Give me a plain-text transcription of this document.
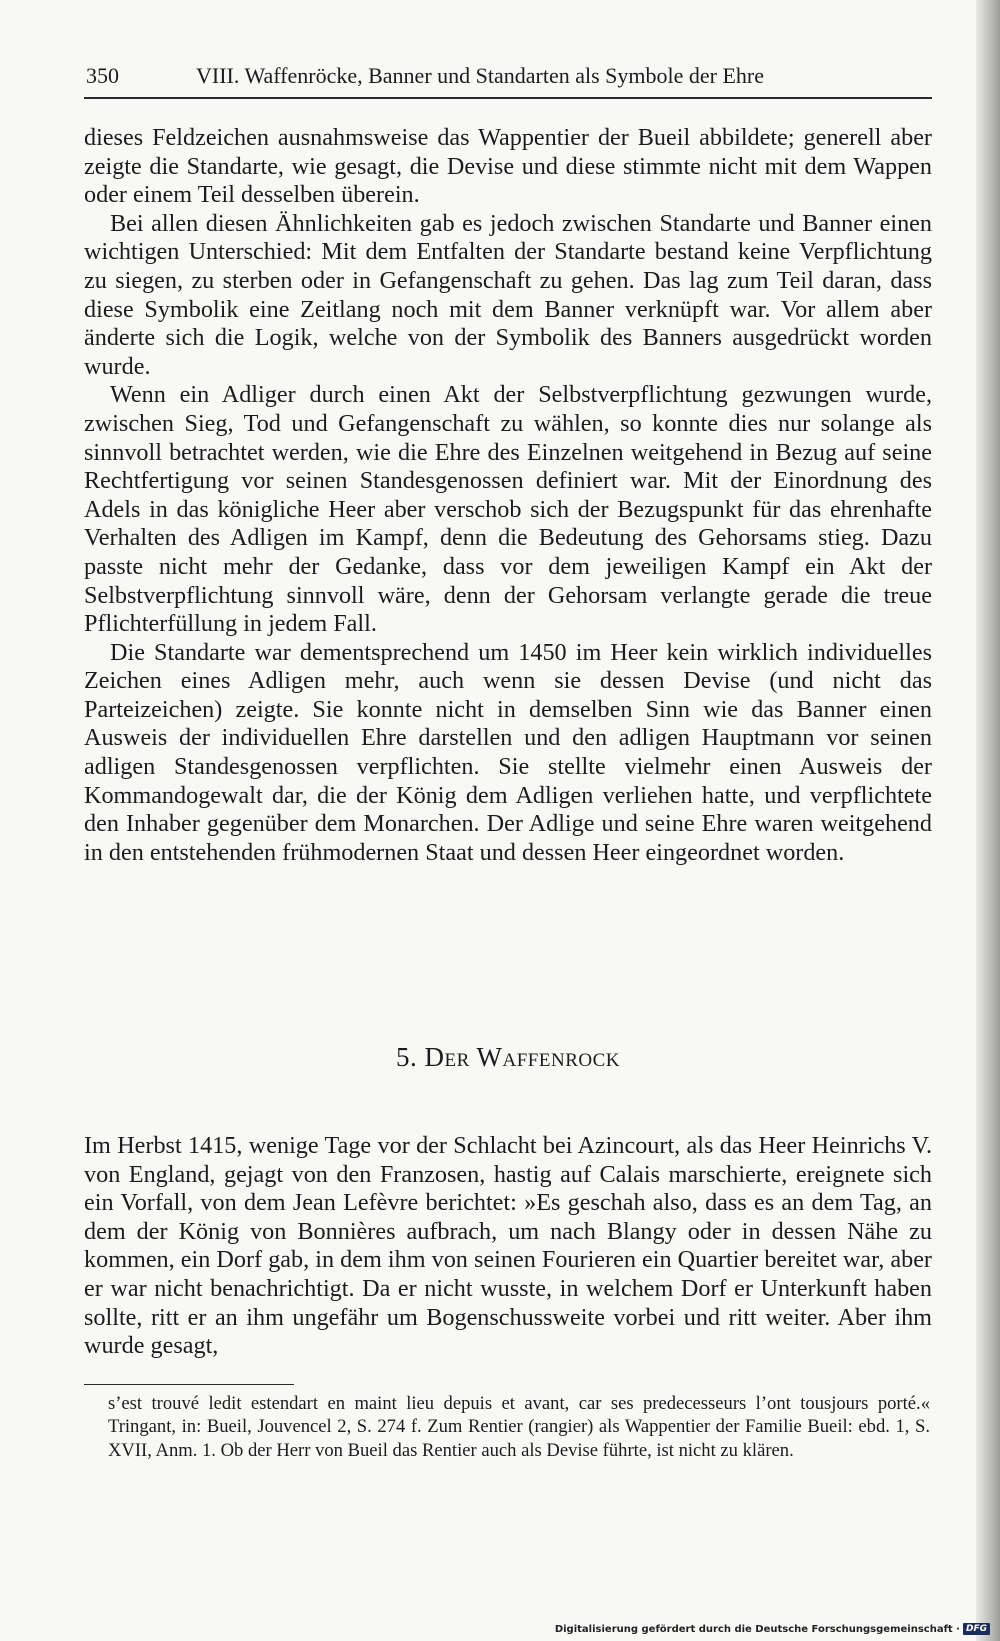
350	VIII. Waffenröcke, Banner und Standarten als Symbole der Ehre

dieses Feldzeichen ausnahmsweise das Wappentier der Bueil abbildete; generell aber zeigte die Standarte, wie gesagt, die Devise und diese stimmte nicht mit dem Wappen oder einem Teil desselben überein.

Bei allen diesen Ähnlichkeiten gab es jedoch zwischen Standarte und Banner einen wichtigen Unterschied: Mit dem Entfalten der Standarte bestand keine Verpflichtung zu siegen, zu sterben oder in Gefangenschaft zu gehen. Das lag zum Teil daran, dass diese Symbolik eine Zeitlang noch mit dem Banner verknüpft war. Vor allem aber änderte sich die Logik, welche von der Symbolik des Banners ausgedrückt worden wurde.

Wenn ein Adliger durch einen Akt der Selbstverpflichtung gezwungen wurde, zwischen Sieg, Tod und Gefangenschaft zu wählen, so konnte dies nur solange als sinnvoll betrachtet werden, wie die Ehre des Einzelnen weitgehend in Bezug auf seine Rechtfertigung vor seinen Standesgenossen definiert war. Mit der Einordnung des Adels in das königliche Heer aber verschob sich der Bezugspunkt für das ehrenhafte Verhalten des Adligen im Kampf, denn die Bedeutung des Gehorsams stieg. Dazu passte nicht mehr der Gedanke, dass vor dem jeweiligen Kampf ein Akt der Selbstverpflichtung sinnvoll wäre, denn der Gehorsam verlangte gerade die treue Pflichterfüllung in jedem Fall.

Die Standarte war dementsprechend um 1450 im Heer kein wirklich individuelles Zeichen eines Adligen mehr, auch wenn sie dessen Devise (und nicht das Parteizeichen) zeigte. Sie konnte nicht in demselben Sinn wie das Banner einen Ausweis der individuellen Ehre darstellen und den adligen Hauptmann vor seinen adligen Standesgenossen verpflichten. Sie stellte vielmehr einen Ausweis der Kommandogewalt dar, die der König dem Adligen verliehen hatte, und verpflichtete den Inhaber gegenüber dem Monarchen. Der Adlige und seine Ehre waren weitgehend in den entstehenden frühmodernen Staat und dessen Heer eingeordnet worden.

5. Der Waffenrock

Im Herbst 1415, wenige Tage vor der Schlacht bei Azincourt, als das Heer Heinrichs V. von England, gejagt von den Franzosen, hastig auf Calais marschierte, ereignete sich ein Vorfall, von dem Jean Lefèvre berichtet: »Es geschah also, dass es an dem Tag, an dem der König von Bonnières aufbrach, um nach Blangy oder in dessen Nähe zu kommen, ein Dorf gab, in dem ihm von seinen Fourieren ein Quartier bereitet war, aber er war nicht benachrichtigt. Da er nicht wusste, in welchem Dorf er Unterkunft haben sollte, ritt er an ihm ungefähr um Bogenschussweite vorbei und ritt weiter. Aber ihm wurde gesagt,

s’est trouvé ledit estendart en maint lieu depuis et avant, car ses predecesseurs l’ont tousjours porté.« Tringant, in: Bueil, Jouvencel 2, S. 274 f. Zum Rentier (rangier) als Wappentier der Familie Bueil: ebd. 1, S. XVII, Anm. 1. Ob der Herr von Bueil das Rentier auch als Devise führte, ist nicht zu klären.

Digitalisierung gefördert durch die Deutsche Forschungsgemeinschaft · DFG
